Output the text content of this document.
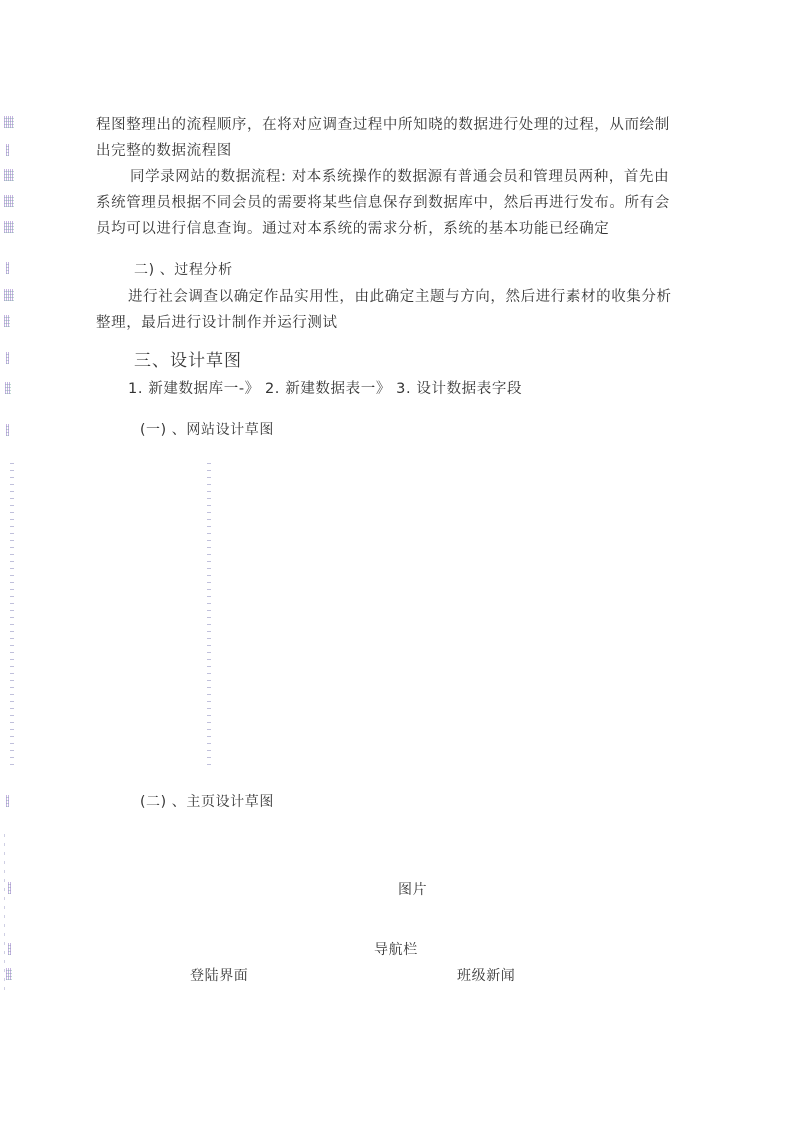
程图整理出的流程顺序，在将对应调查过程中所知晓的数据进行处理的过程，从而绘制
出完整的数据流程图
同学录网站的数据流程: 对本系统操作的数据源有普通会员和管理员两种，首先由
系统管理员根据不同会员的需要将某些信息保存到数据库中，然后再进行发布。所有会
员均可以进行信息查询。通过对本系统的需求分析，系统的基本功能已经确定
二) 、过程分析
进行社会调查以确定作品实用性，由此确定主题与方向，然后进行素材的收集分析
整理，最后进行设计制作并运行测试
三、设计草图
1. 新建数据库一-》 2. 新建数据表一》 3. 设计数据表字段
(一) 、网站设计草图
(二) 、主页设计草图
图片
导航栏
登陆界面	班级新闻
